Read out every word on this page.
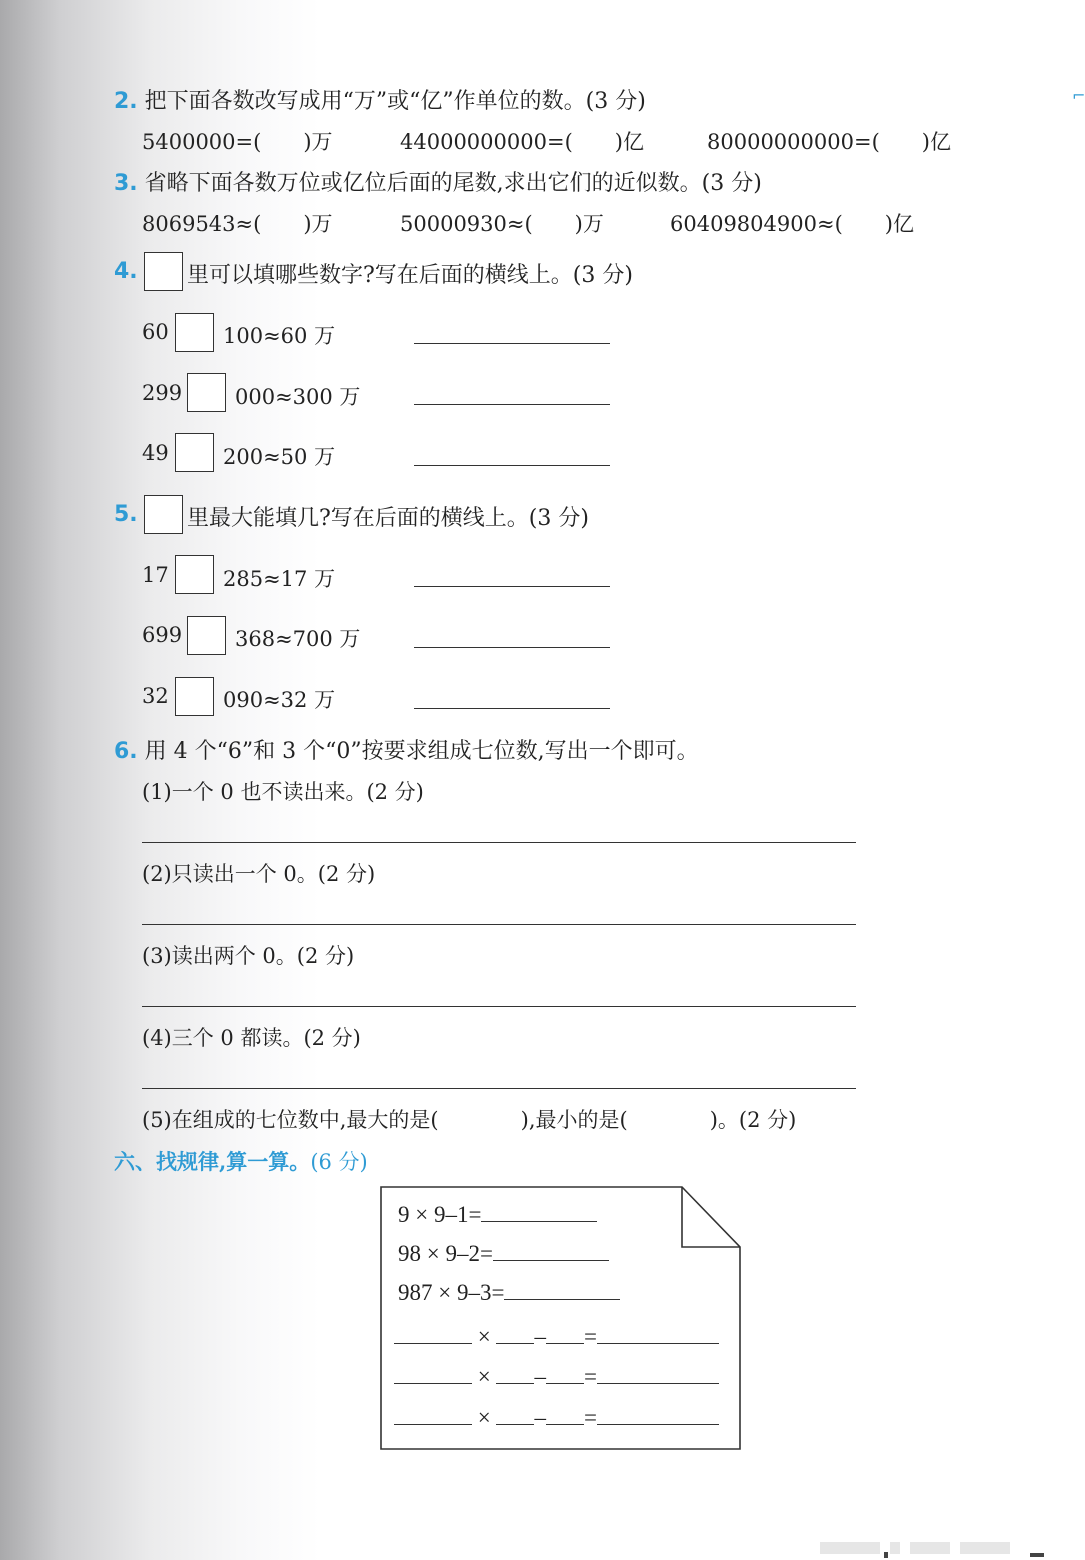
⌐
2. 把下面各数改写成用“万”或“亿”作单位的数。(3 分)
5400000=(　　)万	44000000000=(　　)亿	80000000000=(　　)亿
3. 省略下面各数万位或亿位后面的尾数,求出它们的近似数。(3 分)
8069543≈(　　)万	50000930≈(　　)万	60409804900≈(　　)亿
4. 里可以填哪些数字?写在后面的横线上。(3 分)
60	100≈60 万
299	000≈300 万
49	200≈50 万
5. 里最大能填几?写在后面的横线上。(3 分)
17	285≈17 万
699	368≈700 万
32	090≈32 万
6. 用 4 个“6”和 3 个“0”按要求组成七位数,写出一个即可。
(1)一个 0 也不读出来。(2 分)
(2)只读出一个 0。(2 分)
(3)读出两个 0。(2 分)
(4)三个 0 都读。(2 分)
(5)在组成的七位数中,最大的是(	),最小的是(	)。(2 分)
六、找规律,算一算。(6 分)
9 × 9–1=
98 × 9–2=
987 × 9–3=
× – =
× – =
× – =
